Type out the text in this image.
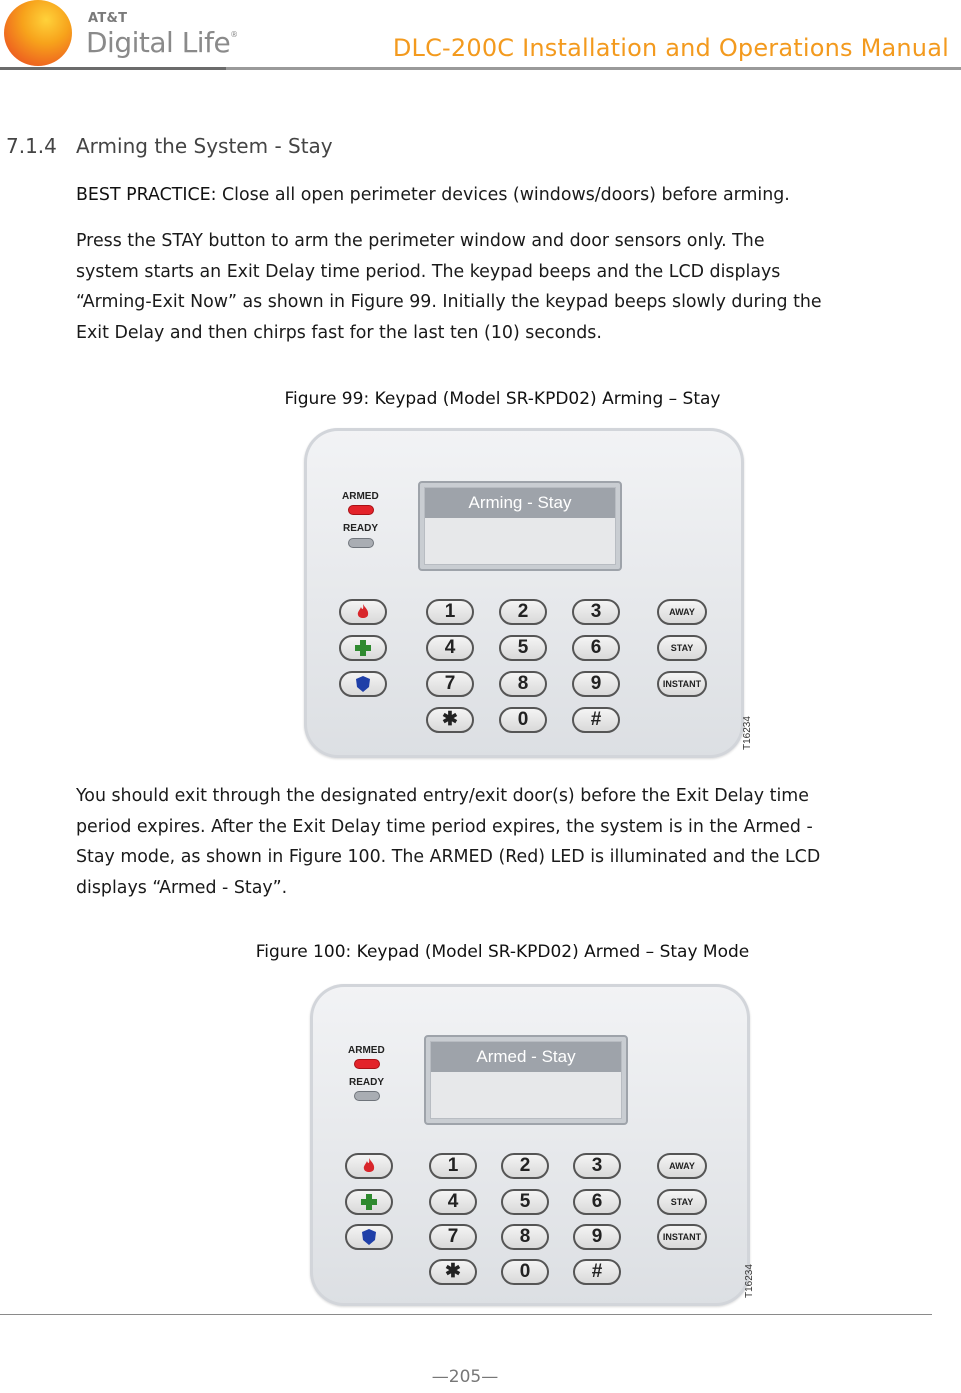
AT&T
Digital Life®	DLC-200C Installation and Operations Manual
7.1.4 Arming the System - Stay
BEST PRACTICE: Close all open perimeter devices (windows/doors) before arming.
Press the STAY button to arm the perimeter window and door sensors only. The
system starts an Exit Delay time period. The keypad beeps and the LCD displays
“Arming-Exit Now” as shown in Figure 99. Initially the keypad beeps slowly during the
Exit Delay and then chirps fast for the last ten (10) seconds.
Figure 99: Keypad (Model SR-KPD02) Arming – Stay
ARMED
READY
Arming - Stay
1	2	3
4	5	6
7	8	9
✱	0	#
AWAY
STAY
INSTANT
T16234
You should exit through the designated entry/exit door(s) before the Exit Delay time
period expires. After the Exit Delay time period expires, the system is in the Armed -
Stay mode, as shown in Figure 100. The ARMED (Red) LED is illuminated and the LCD
displays “Armed - Stay”.
Figure 100: Keypad (Model SR-KPD02) Armed – Stay Mode
ARMED
READY
Armed - Stay
1	2	3
4	5	6
7	8	9
✱	0	#
AWAY
STAY
INSTANT
T16234
—205—
